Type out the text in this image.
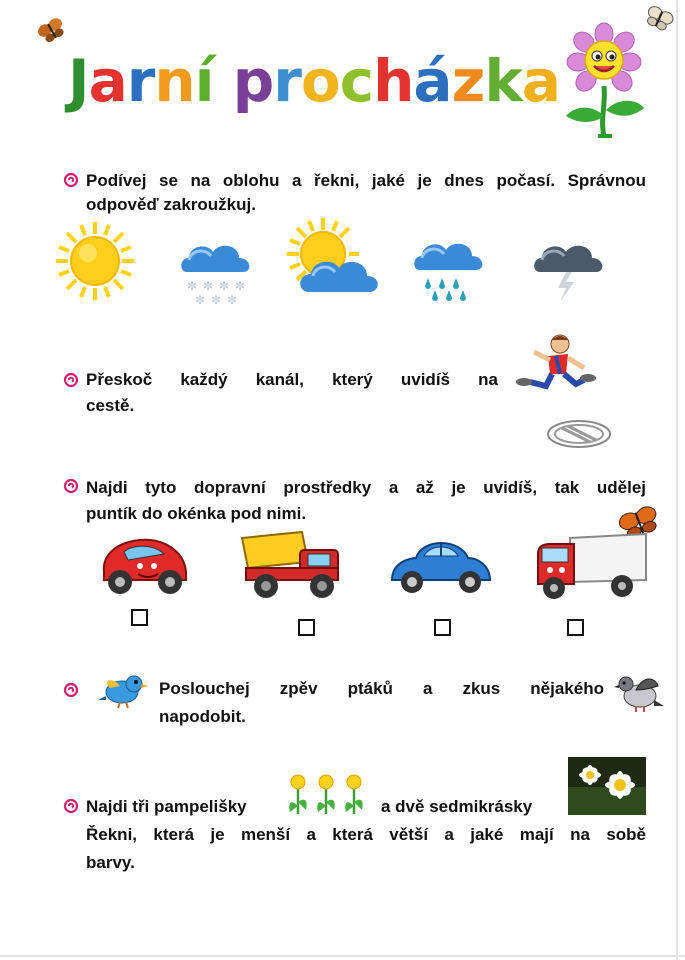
Jarní procházka
Podívej se na oblohu a řekni, jaké je dnes počasí. Správnou
odpověď zakroužkuj.
✻ ✻ ✻ ✻
✻ ✻ ✻
Přeskoč každý kanál, který uvidíš na
cestě.
Najdi tyto dopravní prostředky a až je uvidíš, tak udělej
puntík do okénka pod nimi.
Poslouchej zpěv ptáků a zkus nějakého
napodobit.
Najdi tři pampelišky	a dvě sedmikrásky
Řekni, která je menší a která větší a jaké mají na sobě
barvy.
